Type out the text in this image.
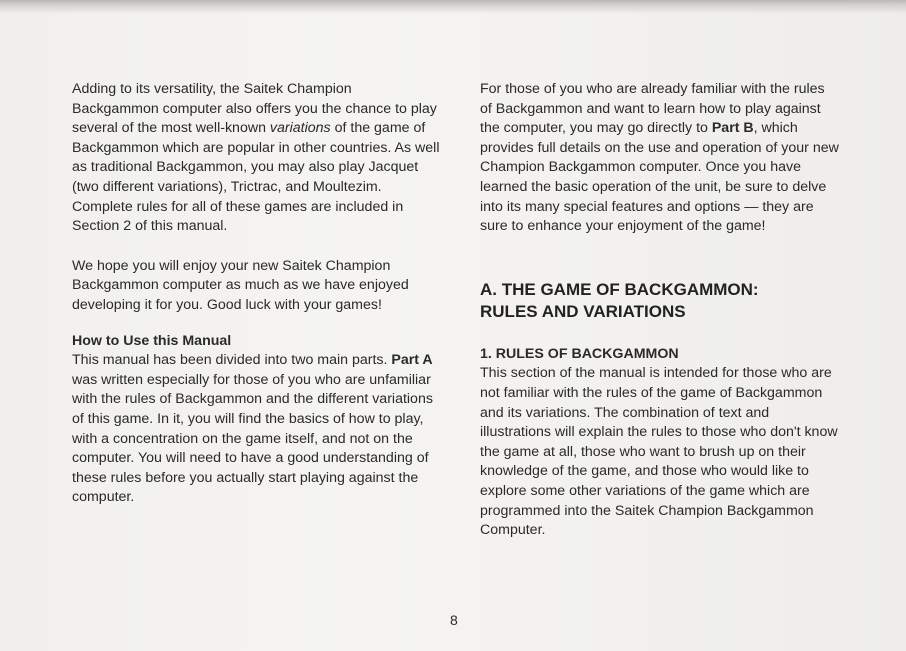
Adding to its versatility, the Saitek Champion Backgammon computer also offers you the chance to play several of the most well-known variations of the game of Backgammon which are popular in other countries. As well as traditional Backgammon, you may also play Jacquet (two different variations), Trictrac, and Moultezim. Complete rules for all of these games are included in Section 2 of this manual.

We hope you will enjoy your new Saitek Champion Backgammon computer as much as we have enjoyed developing it for you. Good luck with your games!

How to Use this Manual

This manual has been divided into two main parts. Part A was written especially for those of you who are unfamiliar with the rules of Backgammon and the different variations of this game. In it, you will find the basics of how to play, with a concentration on the game itself, and not on the computer. You will need to have a good understanding of these rules before you actually start playing against the computer.

For those of you who are already familiar with the rules of Backgammon and want to learn how to play against the computer, you may go directly to Part B, which provides full details on the use and operation of your new Champion Backgammon computer. Once you have learned the basic operation of the unit, be sure to delve into its many special features and options — they are sure to enhance your enjoyment of the game!

A. THE GAME OF BACKGAMMON:
RULES AND VARIATIONS

1. RULES OF BACKGAMMON

This section of the manual is intended for those who are not familiar with the rules of the game of Backgammon and its variations. The combination of text and illustrations will explain the rules to those who don't know the game at all, those who want to brush up on their knowledge of the game, and those who would like to explore some other variations of the game which are programmed into the Saitek Champion Backgammon Computer.

8
